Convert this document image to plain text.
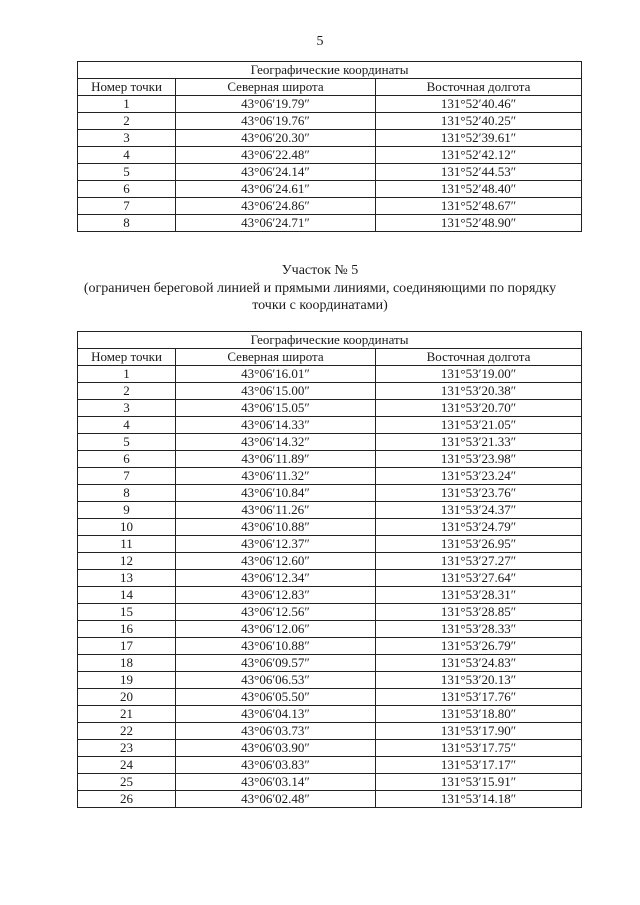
5
Географические координаты		
Номер точки	Северная широта	Восточная долгота
1	43°06′19.79″	131°52′40.46″
2	43°06′19.76″	131°52′40.25″
3	43°06′20.30″	131°52′39.61″
4	43°06′22.48″	131°52′42.12″
5	43°06′24.14″	131°52′44.53″
6	43°06′24.61″	131°52′48.40″
7	43°06′24.86″	131°52′48.67″
8	43°06′24.71″	131°52′48.90″
Участок № 5
(ограничен береговой линией и прямыми линиями, соединяющими по порядку точки с координатами)
Географические координаты		
Номер точки	Северная широта	Восточная долгота
1	43°06′16.01″	131°53′19.00″
2	43°06′15.00″	131°53′20.38″
3	43°06′15.05″	131°53′20.70″
4	43°06′14.33″	131°53′21.05″
5	43°06′14.32″	131°53′21.33″
6	43°06′11.89″	131°53′23.98″
7	43°06′11.32″	131°53′23.24″
8	43°06′10.84″	131°53′23.76″
9	43°06′11.26″	131°53′24.37″
10	43°06′10.88″	131°53′24.79″
11	43°06′12.37″	131°53′26.95″
12	43°06′12.60″	131°53′27.27″
13	43°06′12.34″	131°53′27.64″
14	43°06′12.83″	131°53′28.31″
15	43°06′12.56″	131°53′28.85″
16	43°06′12.06″	131°53′28.33″
17	43°06′10.88″	131°53′26.79″
18	43°06′09.57″	131°53′24.83″
19	43°06′06.53″	131°53′20.13″
20	43°06′05.50″	131°53′17.76″
21	43°06′04.13″	131°53′18.80″
22	43°06′03.73″	131°53′17.90″
23	43°06′03.90″	131°53′17.75″
24	43°06′03.83″	131°53′17.17″
25	43°06′03.14″	131°53′15.91″
26	43°06′02.48″	131°53′14.18″
